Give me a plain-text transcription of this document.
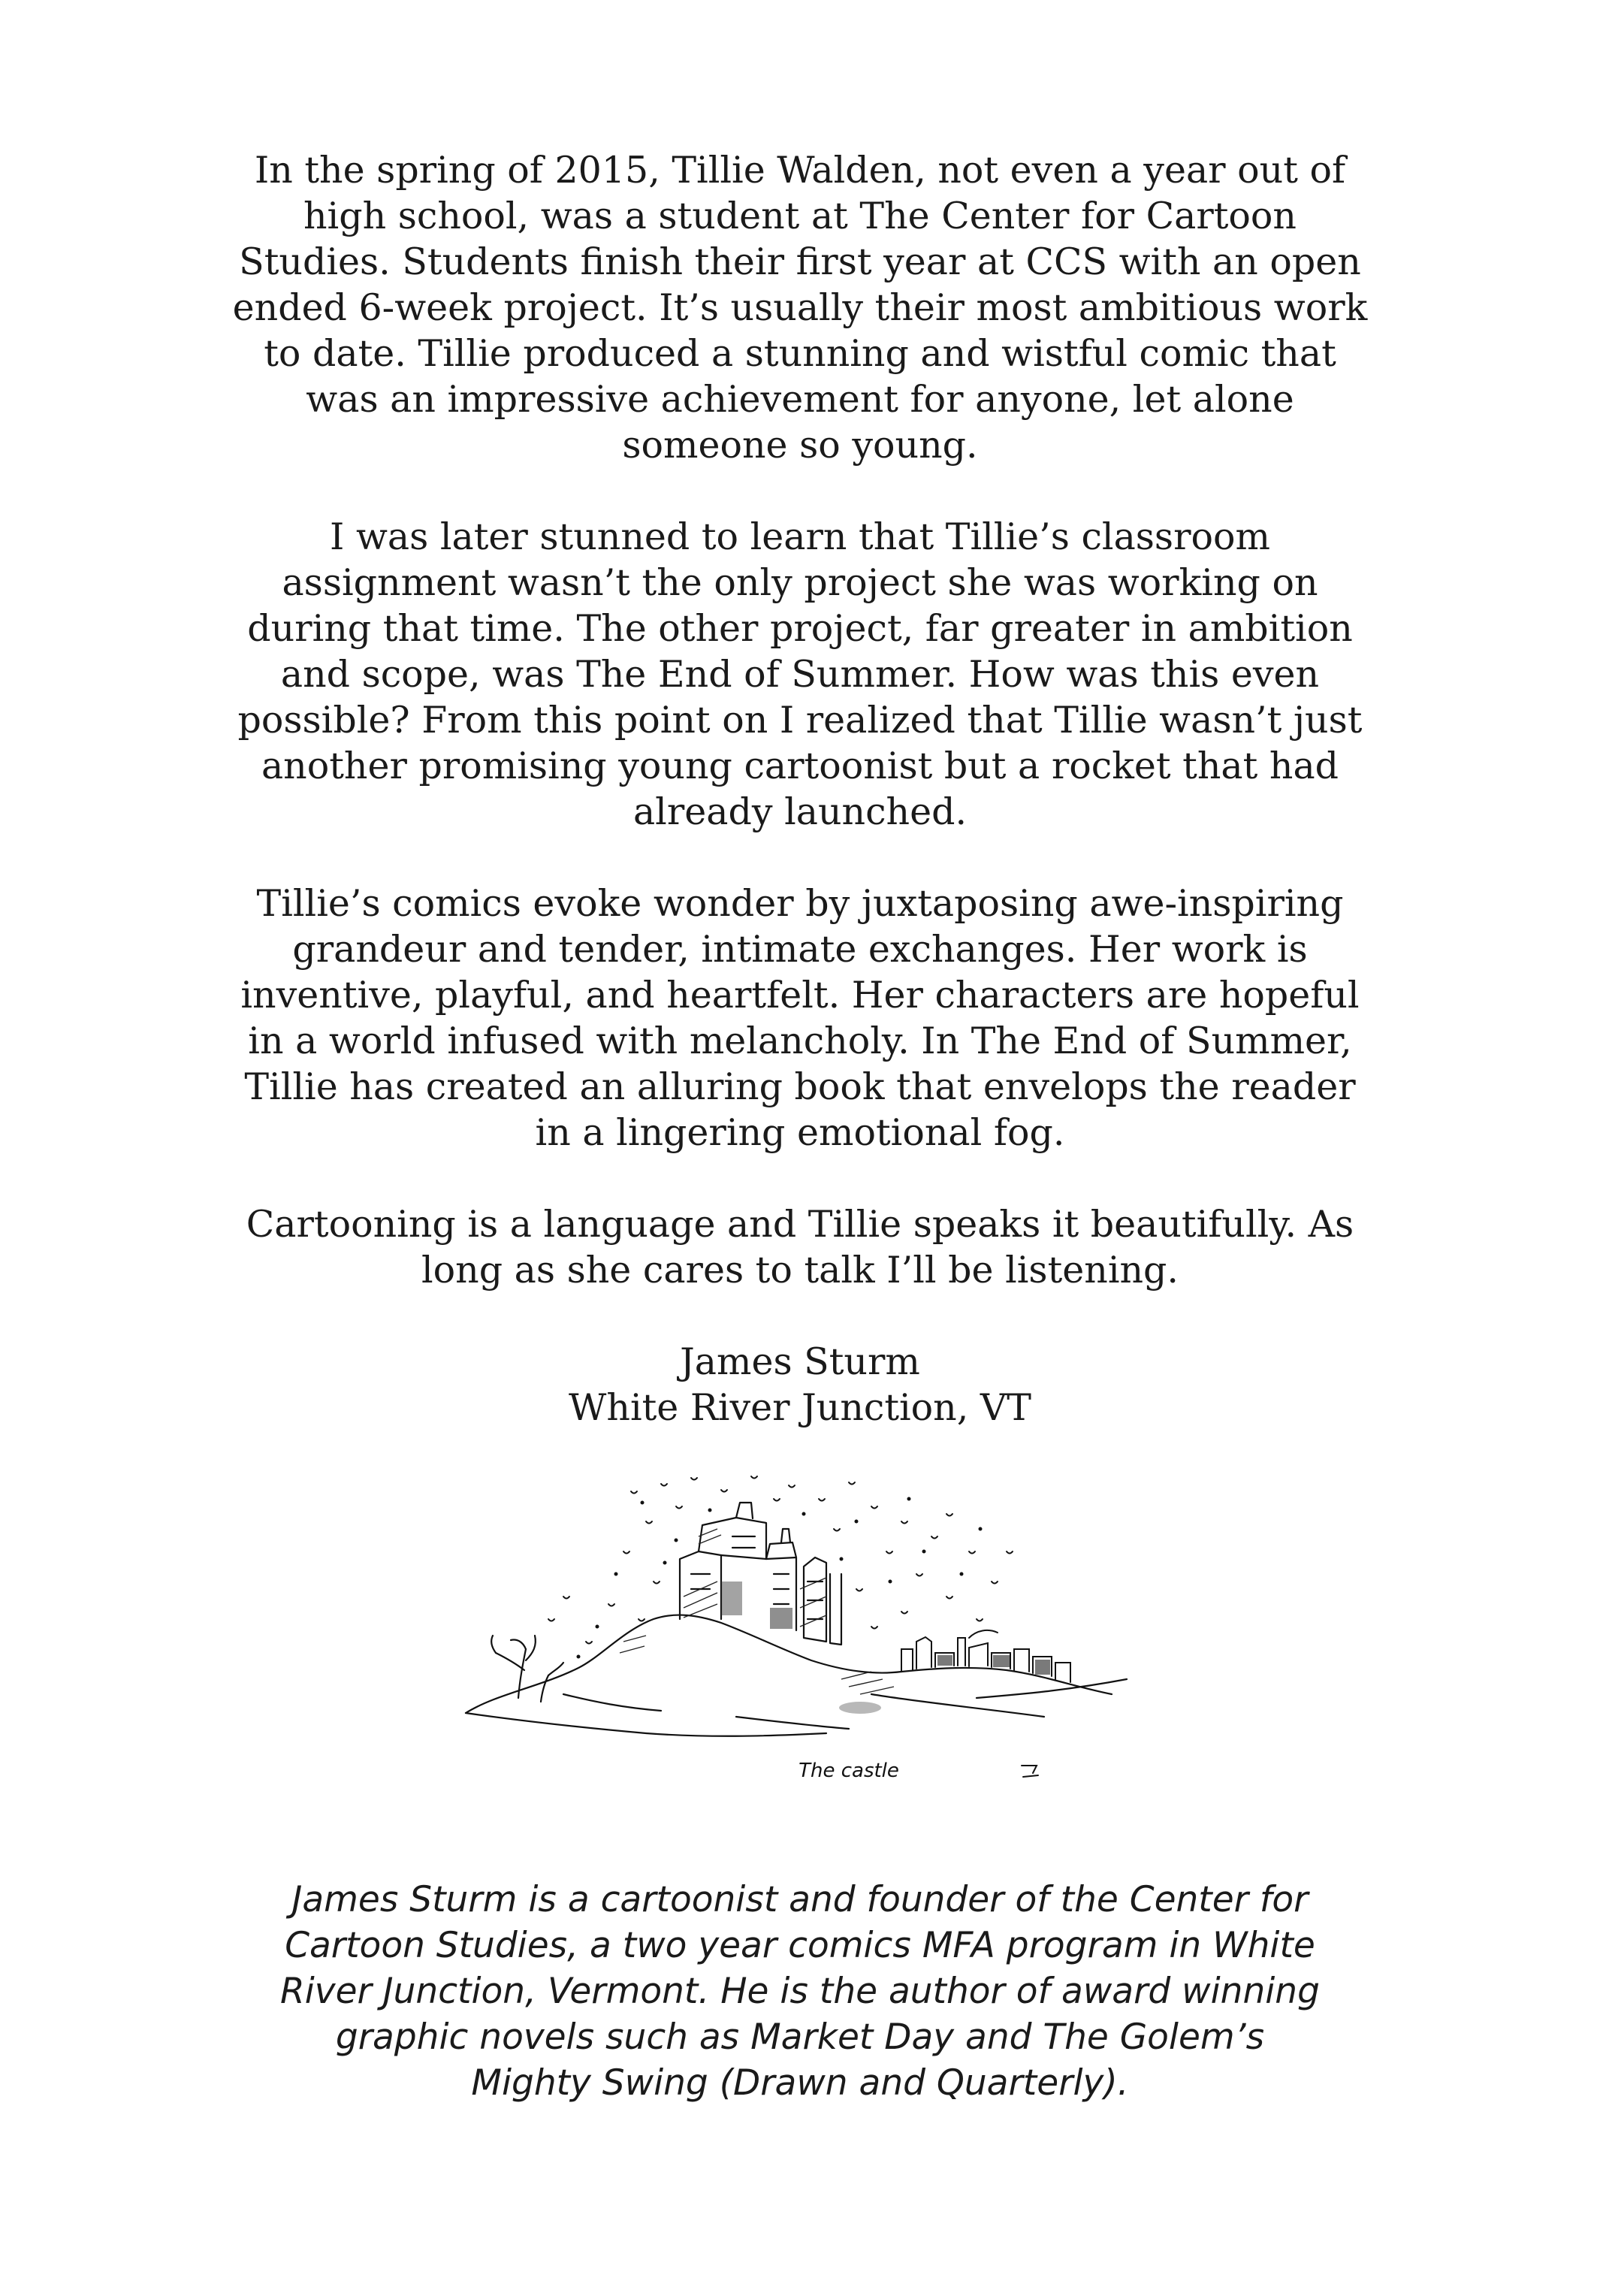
In the spring of 2015, Tillie Walden, not even a year out of high school, was a student at The Center for Cartoon Studies. Students finish their first year at CCS with an open ended 6-week project. It’s usually their most ambitious work to date. Tillie produced a stunning and wistful comic that was an impressive achievement for anyone, let alone someone so young.

I was later stunned to learn that Tillie’s classroom assignment wasn’t the only project she was working on during that time. The other project, far greater in ambition and scope, was The End of Summer. How was this even possible? From this point on I realized that Tillie wasn’t just another promising young cartoonist but a rocket that had already launched.

Tillie’s comics evoke wonder by juxtaposing awe-inspiring grandeur and tender, intimate exchanges. Her work is inventive, playful, and heartfelt. Her characters are hopeful in a world infused with melancholy. In The End of Summer, Tillie has created an alluring book that envelops the reader in a lingering emotional fog.

Cartooning is a language and Tillie speaks it beautifully. As long as she cares to talk I’ll be listening.

James Sturm
White River Junction, VT
The castle

James Sturm is a cartoonist and founder of the Center for Cartoon Studies, a two year comics MFA program in White River Junction, Vermont. He is the author of award winning graphic novels such as Market Day and The Golem’s Mighty Swing (Drawn and Quarterly).
